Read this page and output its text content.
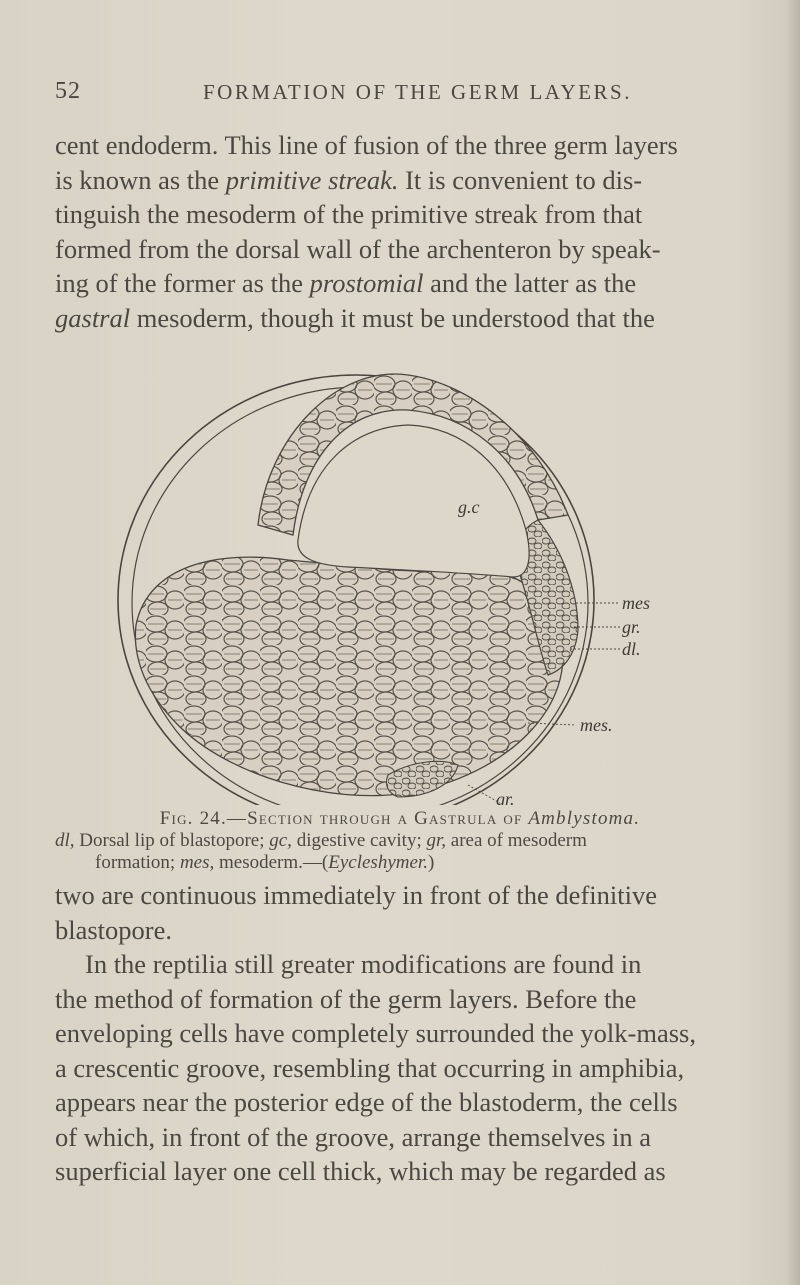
52	FORMATION OF THE GERM LAYERS.
cent endoderm. This line of fusion of the three germ layers
is known as the primitive streak. It is convenient to dis-
tinguish the mesoderm of the primitive streak from that
formed from the dorsal wall of the archenteron by speak-
ing of the former as the prostomial and the latter as the
gastral mesoderm, though it must be understood that the
g.c
mes
gr.
dl.
mes.
gr.
Fig. 24.—Section through a Gastrula of Amblystoma.
dl, Dorsal lip of blastopore; gc, digestive cavity; gr, area of mesoderm
formation; mes, mesoderm.—(Eycleshymer.)
two are continuous immediately in front of the definitive
blastopore.
In the reptilia still greater modifications are found in
the method of formation of the germ layers. Before the
enveloping cells have completely surrounded the yolk-mass,
a crescentic groove, resembling that occurring in amphibia,
appears near the posterior edge of the blastoderm, the cells
of which, in front of the groove, arrange themselves in a
superficial layer one cell thick, which may be regarded as
